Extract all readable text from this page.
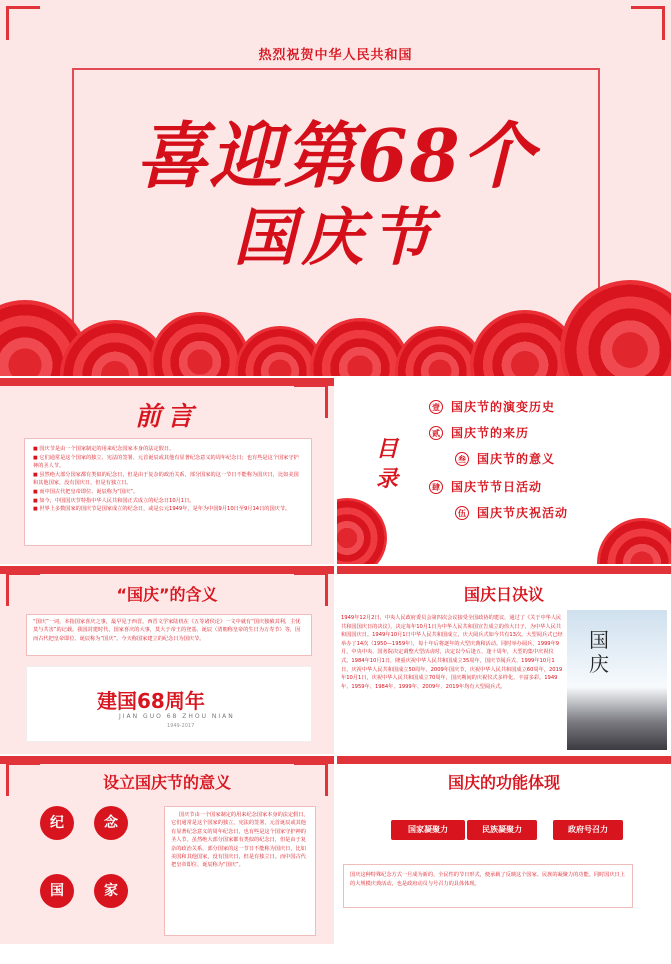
热烈祝贺中华人民共和国
喜迎第68个
国庆节
前言
■ 国庆节是由一个国家制定的用来纪念国家本身的法定假日。
■ 它们通常是这个国家的独立、宪法的签署、元首诞辰或其他有显著纪念意义的周年纪念日；也有些是这个国家守护神的圣人节。
■ 虽然绝大部分国家都有类似的纪念日，但是由于复杂的政治关系，部分国家的这一节日不能称为国庆日，比如美国和其他国家，没有国庆日，但是有独立日。
■ 而中国古代把皇帝即位、诞辰称为“国庆”。
■ 如今，中国国庆节特指中华人民共和国正式成立的纪念日10月1日。
■ 世界上多数国家的国庆节是国家成立的纪念日，或是公元1949年，是年为中国9月10日至9月14日的国庆节。
目录
壹 国庆节的演变历史
贰 国庆节的来历
叁 国庆节的意义
肆 国庆节节日活动
伍 国庆节庆祝活动
“国庆”的含义
“国庆”一词，本指国家喜庆之事，最早见于西晋。西晋文学家陆机在《五等诸侯论》一文中就有“国庆独飨其利，主忧莫与共害”的记载。我国封建时代，国家喜庆的大事，莫大于帝王的登基、诞辰（清朝称皇帝的生日为万寿节）等，因而古代把皇帝即位、诞辰称为“国庆”。今天称国家建立的纪念日为国庆节。
建国68周年
JIAN GUO 68 ZHOU NIAN
1949-2017
国庆日决议
1949年12月2日，中央人民政府委员会第四次会议接受全国政协的建议，通过了《关于中华人民共和国国庆日的决议》，决定每年10月1日为中华人民共和国宣告成立的伟大日子，为中华人民共和国国庆日。1949年10月1日中华人民共和国成立，庆大阅兵式如今共有13次。大型阅兵式已经举办了14次（1950—1959年），每十年后将逐年的大型庆典和活动。同时举办阅兵，1999年9月，中央中央、国务院决定调整大型活动时，决定以今后逢五、逢十周年，大型的集中庆祝仪式。1984年10月1日，隆重庆祝中华人民共和国成立35周年，国庆节阅兵式、1999年10月1日，庆祝中华人民共和国成立50周年，2009年国庆节，庆祝中华人民共和国成立60周年，2019年10月1日，庆祝中华人民共和国成立70周年，国庆期间的庆祝仪式多样化、丰富多彩。1949年、1959年、1984年、1999年、2009年、2019年均有大型阅兵式。
国庆
设立国庆节的意义
纪	念
国	家
国庆节由一个国家制定的用来纪念国家本身的法定假日。它们通常是这个国家的独立，宪法的签署，元首诞辰或其他有显著纪念意义的周年纪念日，也有些是这个国家守护神的圣人节。虽然绝大部分国家都有类似的纪念日，但是由于复杂的政治关系，部分国家的这一节日不能称为国庆日，比如美国和其他国家，没有国庆日，但是有独立日。而中国古代把皇帝即位、诞辰称为“国庆”。
国庆的功能体现
国家凝聚力	民族凝聚力	政府号召力
国庆这种特殊纪念方式一旦成为新的、全民性的节日形式，便承载了反映这个国家、民族的凝聚力的功能。同时国庆日上的大规模庆典活动，也是政府动员与号召力的具体体现。
